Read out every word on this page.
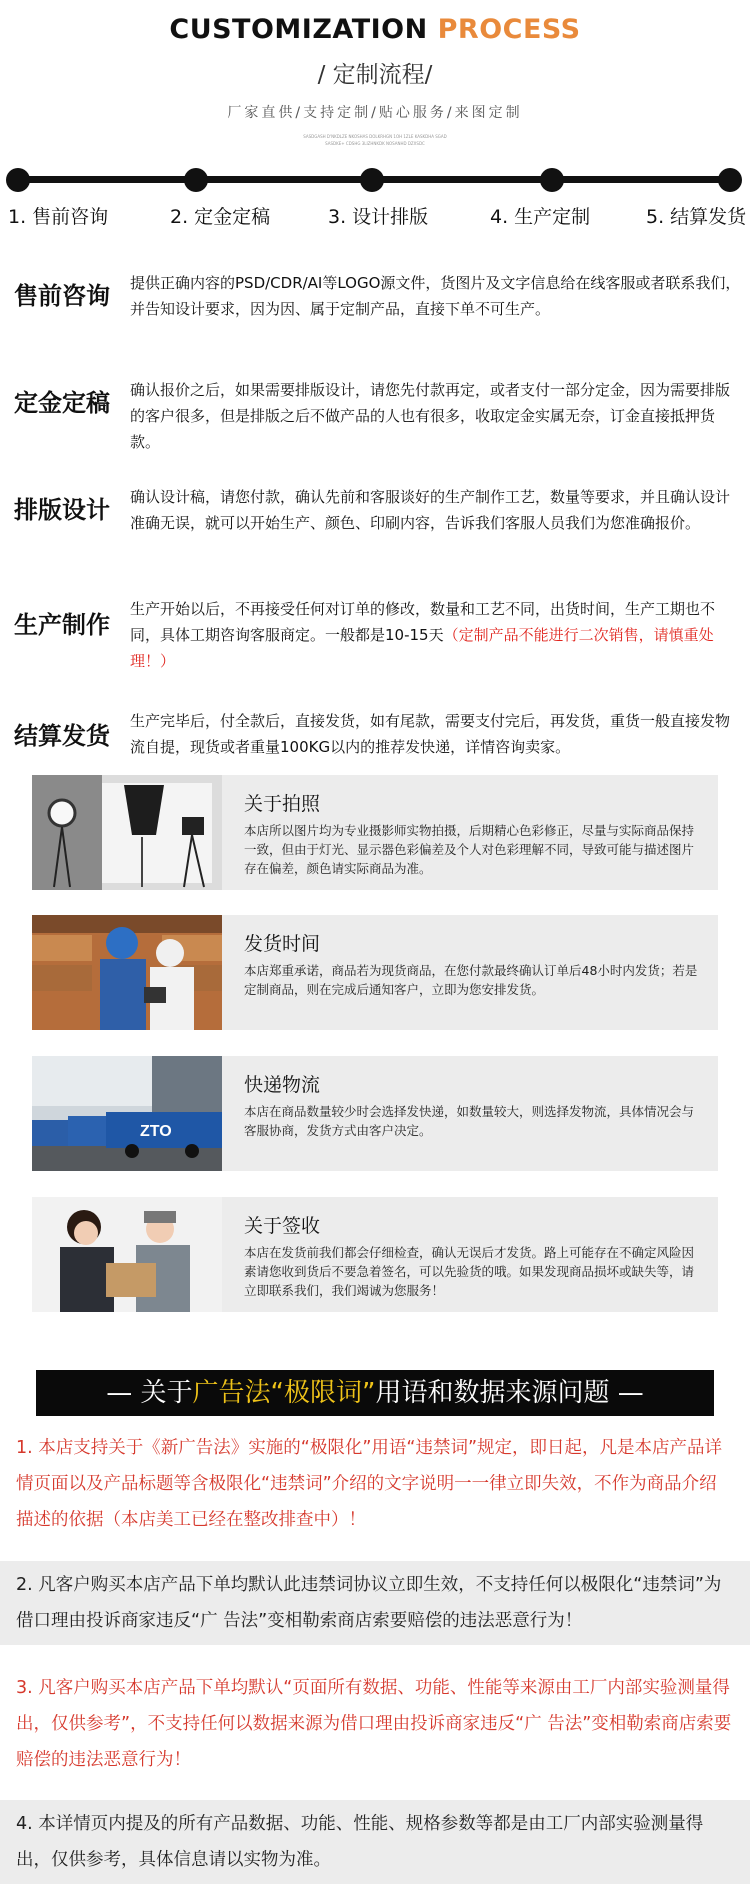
CUSTOMIZATION PROCESS
/ 定制流程/
厂家直供/支持定制/贴心服务/来图定制
SASDGASH D'NKDLZE NKOSHAS DOLKRHGN 1OH 1ZLE KASKDHA SGAD
SASDKE+ CDSHG 3LIZHNKDK NOSANHD DZXSDC
1. 售前咨询	2. 定金定稿	3. 设计排版	4. 生产定制	5. 结算发货
售前咨询 提供正确内容的PSD/CDR/AI等LOGO源文件，货图片及文字信息给在线客服或者联系我们，并告知设计要求，因为因、属于定制产品，直接下单不可生产。
定金定稿 确认报价之后，如果需要排版设计，请您先付款再定，或者支付一部分定金，因为需要排版的客户很多，但是排版之后不做产品的人也有很多，收取定金实属无奈，订金直接抵押货款。
排版设计 确认设计稿，请您付款，确认先前和客服谈好的生产制作工艺，数量等要求，并且确认设计准确无误，就可以开始生产、颜色、印刷内容，告诉我们客服人员我们为您准确报价。
生产制作
生产开始以后，不再接受任何对订单的修改，数量和工艺不同，出货时间，生产工期也不同，具体工期咨询客服商定。一般都是10-15天（定制产品不能进行二次销售，请慎重处理！）
结算发货
生产完毕后，付全款后，直接发货，如有尾款，需要支付完后，再发货，重货一般直接发物流自提，现货或者重量100KG以内的推荐发快递，详情咨询卖家。
关于拍照
本店所以图片均为专业摄影师实物拍摄，后期精心色彩修正，尽量与实际商品保持一致，但由于灯光、显示器色彩偏差及个人对色彩理解不同，导致可能与描述图片存在偏差，颜色请实际商品为准。
发货时间
本店郑重承诺，商品若为现货商品，在您付款最终确认订单后48小时内发货；若是定制商品，则在完成后通知客户，立即为您安排发货。
ZTO
快递物流
本店在商品数量较少时会选择发快递，如数量较大，则选择发物流，具体情况会与客服协商，发货方式由客户决定。
关于签收
本店在发货前我们都会仔细检查，确认无误后才发货。路上可能存在不确定风险因素请您收到货后不要急着签名，可以先验货的哦。如果发现商品损坏或缺失等，请立即联系我们，我们竭诚为您服务！
— 关于广告法“极限词”用语和数据来源问题 —
1. 本店支持关于《新广告法》实施的“极限化”用语“违禁词”规定，即日起，凡是本店产品详情页面以及产品标题等含极限化“违禁词”介绍的文字说明一一律立即失效，不作为商品介绍描述的依据（本店美工已经在整改排查中）！
2. 凡客户购买本店产品下单均默认此违禁词协议立即生效，不支持任何以极限化“违禁词”为借口理由投诉商家违反“广 告法”变相勒索商店索要赔偿的违法恶意行为！
3. 凡客户购买本店产品下单均默认“页面所有数据、功能、性能等来源由工厂内部实验测量得出，仅供参考”，不支持任何以数据来源为借口理由投诉商家违反“广 告法”变相勒索商店索要赔偿的违法恶意行为！
4. 本详情页内提及的所有产品数据、功能、性能、规格参数等都是由工厂内部实验测量得出，仅供参考，具体信息请以实物为准。
